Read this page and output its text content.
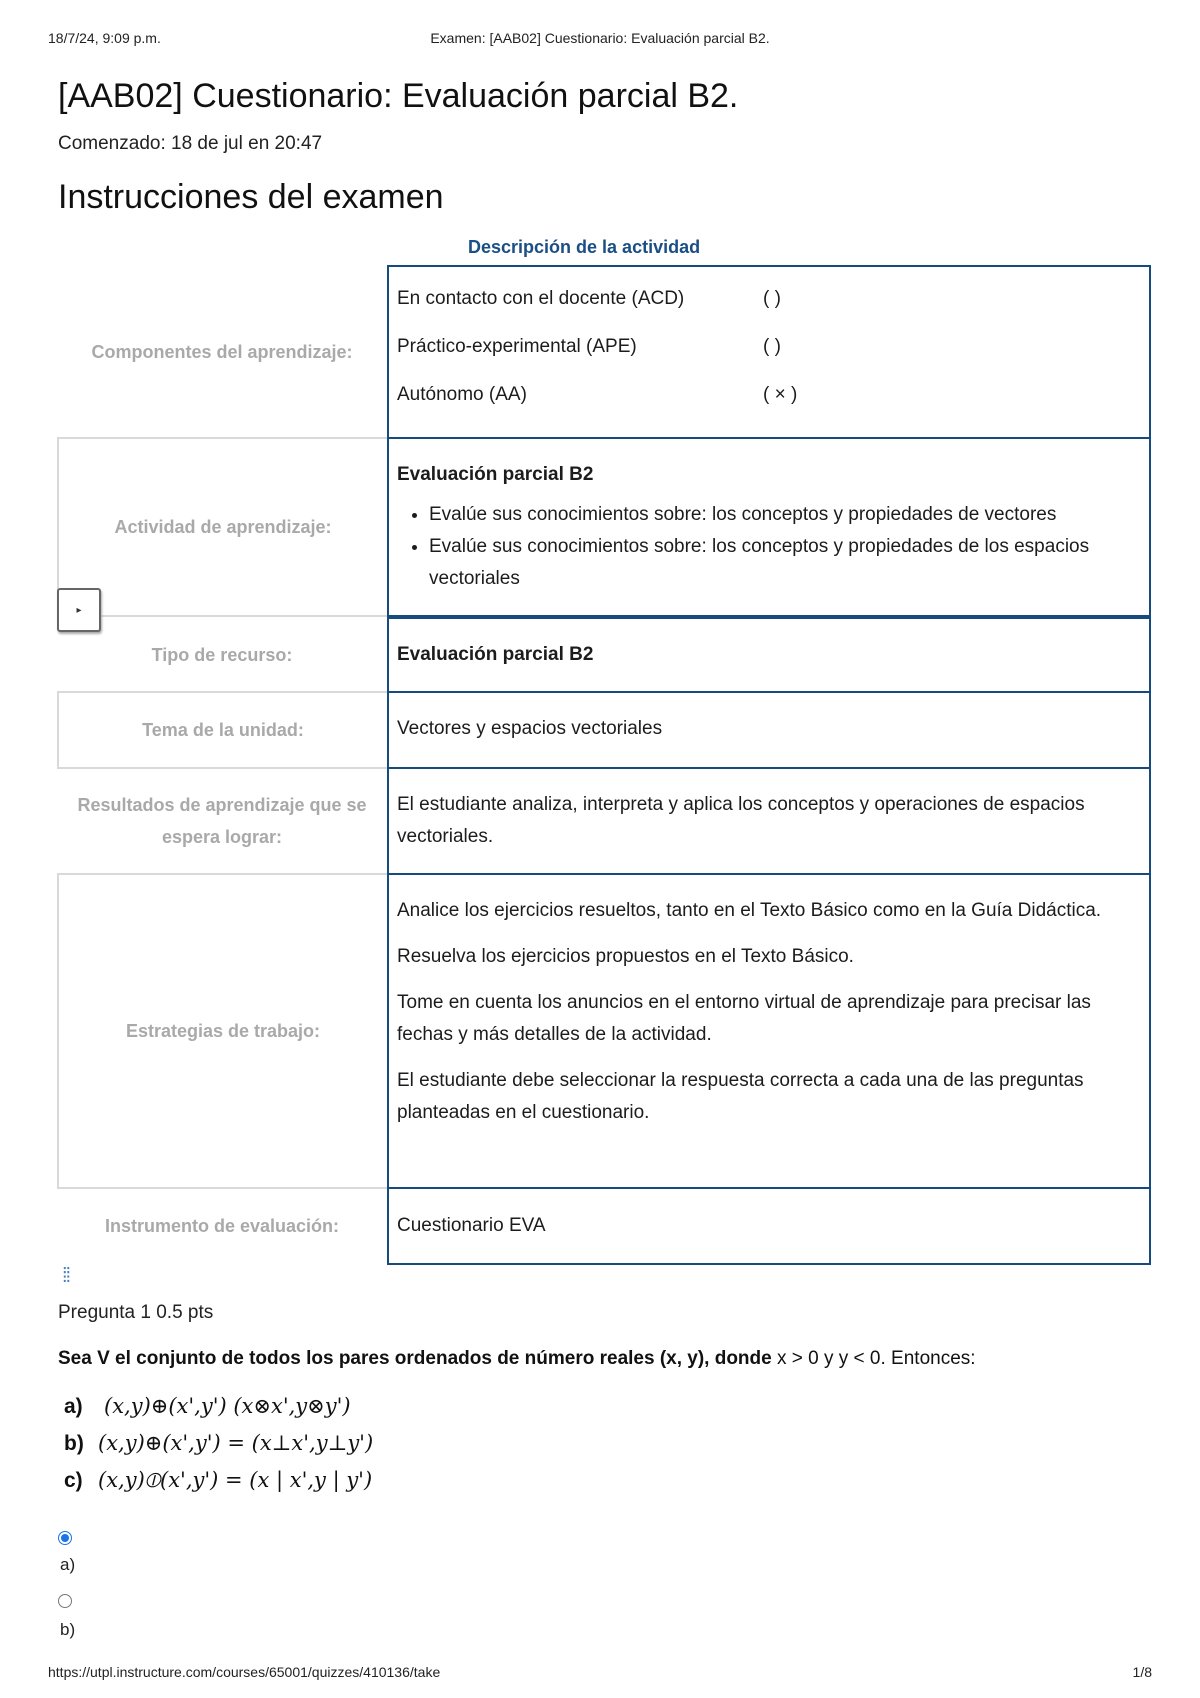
18/7/24, 9:09 p.m.	Examen: [AAB02] Cuestionario: Evaluación parcial B2.
[AAB02] Cuestionario: Evaluación parcial B2.
Comenzado: 18 de jul en 20:47
Instrucciones del examen
Descripción de la actividad
Componentes del aprendizaje:
En contacto con el docente (ACD)	( )
Práctico-experimental (APE)	( )
Autónomo (AA)	( × )
Actividad de aprendizaje:
Evaluación parcial B2
• Evalúe sus conocimientos sobre: los conceptos y propiedades de vectores
• Evalúe sus conocimientos sobre: los conceptos y propiedades de los espacios vectoriales
Tipo de recurso:	Evaluación parcial B2
Tema de la unidad:	Vectores y espacios vectoriales
Resultados de aprendizaje que se espera lograr:
El estudiante analiza, interpreta y aplica los conceptos y operaciones de espacios vectoriales.
Estrategias de trabajo:

Analice los ejercicios resueltos, tanto en el Texto Básico como en la Guía Didáctica.

Resuelva los ejercicios propuestos en el Texto Básico.

Tome en cuenta los anuncios en el entorno virtual de aprendizaje para precisar las fechas y más detalles de la actividad.

El estudiante debe seleccionar la respuesta correcta a cada una de las preguntas planteadas en el cuestionario.

Instrumento de evaluación:	Cuestionario EVA
▸
⁞⁞
Pregunta 1 0.5 pts
Sea V el conjunto de todos los pares ordenados de número reales (x, y), donde x > 0 y y < 0. Entonces:
a) (x,y)⊕(x',y') (x⊗x',y⊗y')
b) (x,y)⊕(x',y') = (x⊥x',y⊥y')
c) (x,y)⦶(x',y') = (x | x',y | y')
a)
b)
https://utpl.instructure.com/courses/65001/quizzes/410136/take	1/8
